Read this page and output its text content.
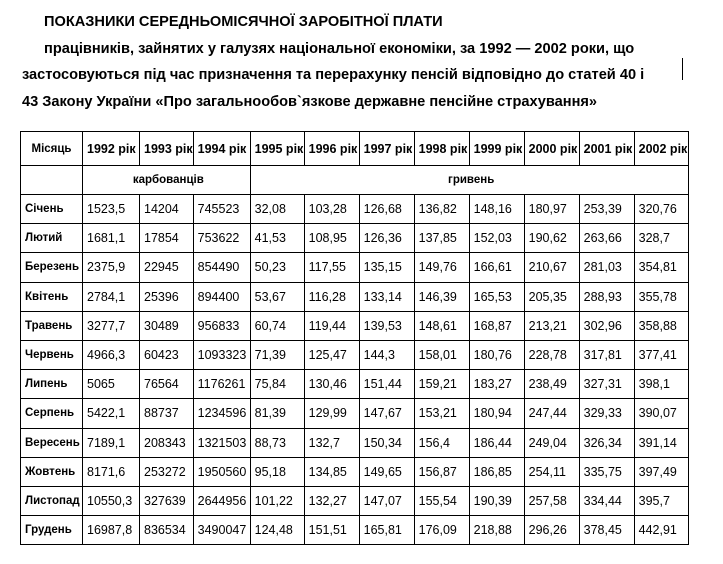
ПОКАЗНИКИ СЕРЕДНЬОМІСЯЧНОЇ ЗАРОБІТНОЇ ПЛАТИ
працівників, зайнятих у галузях національної економіки, за 1992 — 2002 роки, що
застосовуються під час призначення та перерахунку пенсій відповідно до статей 40 і
43 Закону України «Про загальнообов`язкове державне пенсійне страхування»
Місяць	1992 рік	1993 рік	1994 рік	1995 рік	1996 рік	1997 рік	1998 рік	1999 рік	2000 рік	2001 рік	2002 рік
	карбованців			гривень							
Січень	1523,5	14204	745523	32,08	103,28	126,68	136,82	148,16	180,97	253,39	320,76
Лютий	1681,1	17854	753622	41,53	108,95	126,36	137,85	152,03	190,62	263,66	328,7
Березень	2375,9	22945	854490	50,23	117,55	135,15	149,76	166,61	210,67	281,03	354,81
Квітень	2784,1	25396	894400	53,67	116,28	133,14	146,39	165,53	205,35	288,93	355,78
Травень	3277,7	30489	956833	60,74	119,44	139,53	148,61	168,87	213,21	302,96	358,88
Червень	4966,3	60423	1093323	71,39	125,47	144,3	158,01	180,76	228,78	317,81	377,41
Липень	5065	76564	1176261	75,84	130,46	151,44	159,21	183,27	238,49	327,31	398,1
Серпень	5422,1	88737	1234596	81,39	129,99	147,67	153,21	180,94	247,44	329,33	390,07
Вересень	7189,1	208343	1321503	88,73	132,7	150,34	156,4	186,44	249,04	326,34	391,14
Жовтень	8171,6	253272	1950560	95,18	134,85	149,65	156,87	186,85	254,11	335,75	397,49
Листопад	10550,3	327639	2644956	101,22	132,27	147,07	155,54	190,39	257,58	334,44	395,7
Грудень	16987,8	836534	3490047	124,48	151,51	165,81	176,09	218,88	296,26	378,45	442,91
